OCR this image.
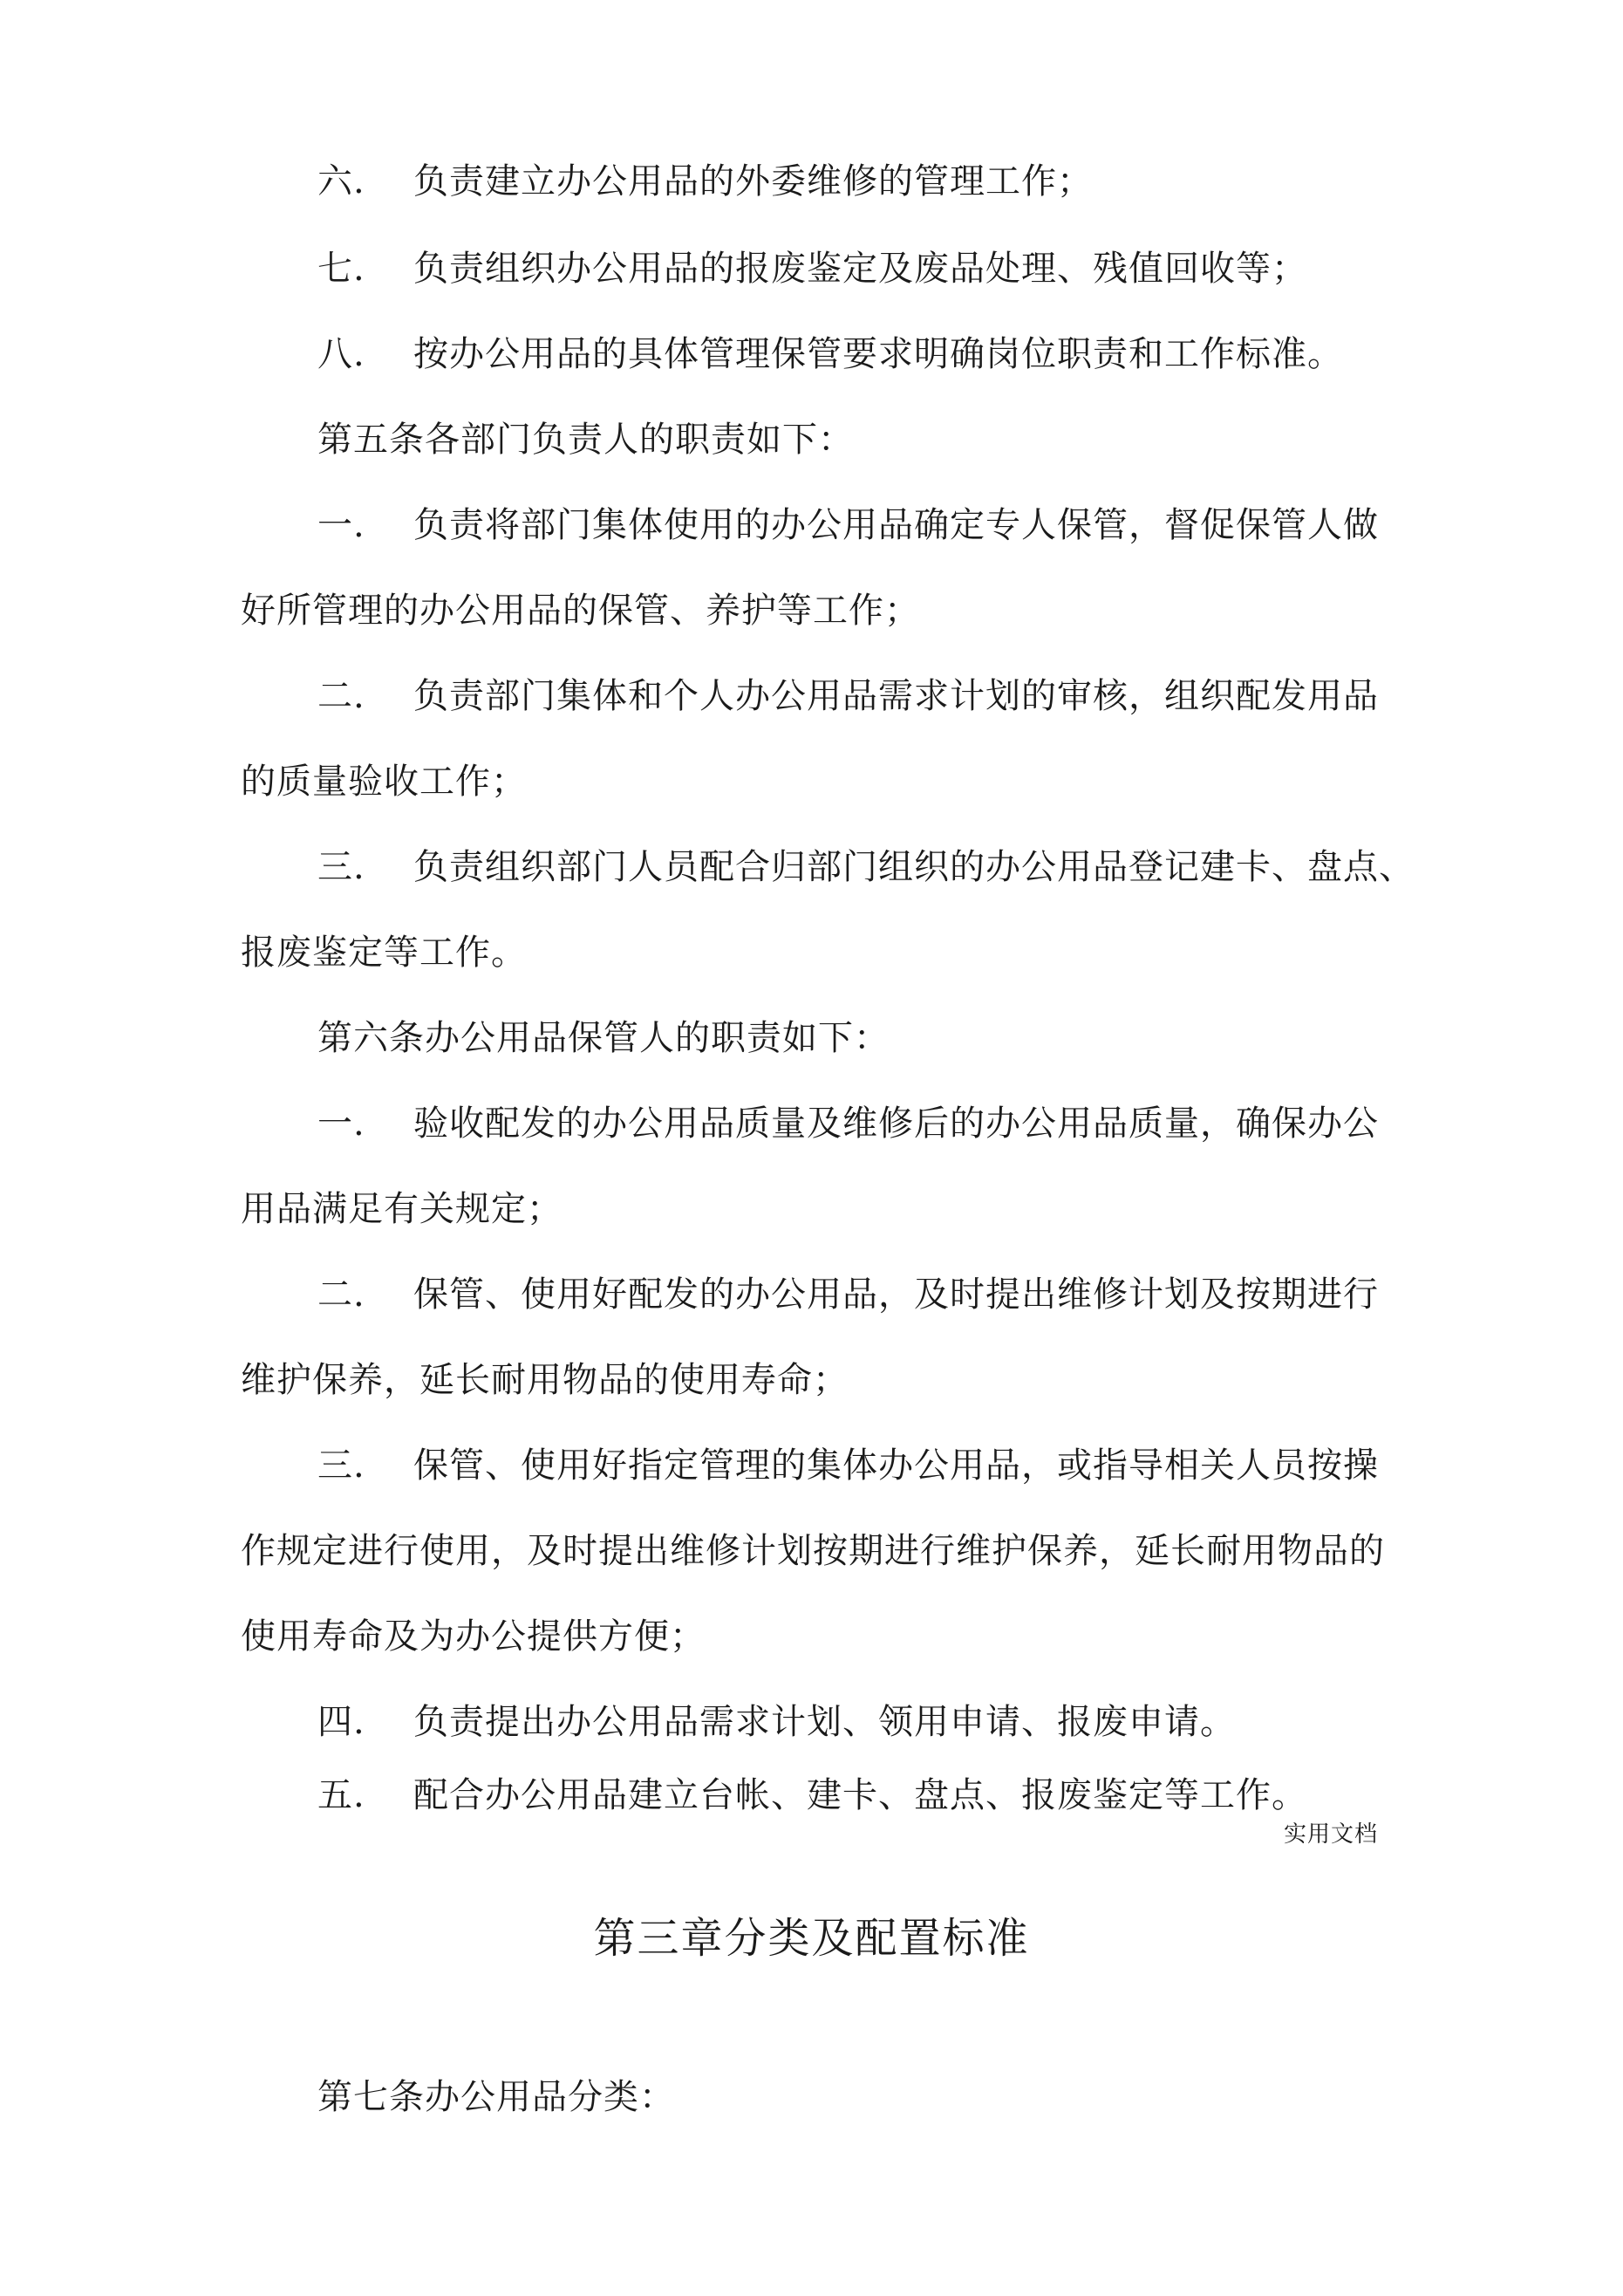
六. 负责建立办公用品的外委维修的管理工作；
七. 负责组织办公用品的报废鉴定及废品处理、残值回收等；
八. 按办公用品的具体管理保管要求明确岗位职责和工作标准。
第五条各部门负责人的职责如下：
一. 负责将部门集体使用的办公用品确定专人保管，督促保管人做
好所管理的办公用品的保管、养护等工作；
二. 负责部门集体和个人办公用品需求计划的审核，组织配发用品
的质量验收工作；
三. 负责组织部门人员配合归部门组织的办公用品登记建卡、盘点、
报废鉴定等工作。
第六条办公用品保管人的职责如下：
一. 验收配发的办公用品质量及维修后的办公用品质量，确保办公
用品满足有关规定；
二. 保管、使用好配发的办公用品，及时提出维修计划及按期进行
维护保养，延长耐用物品的使用寿命；
三. 保管、使用好指定管理的集体办公用品，或指导相关人员按操
作规定进行使用，及时提出维修计划按期进行维护保养，延长耐用物品的
使用寿命及为办公提供方便；
四. 负责提出办公用品需求计划、领用申请、报废申请。
五. 配合办公用品建立台帐、建卡、盘点、报废鉴定等工作。
实用文档
第三章分类及配置标准
第七条办公用品分类：
